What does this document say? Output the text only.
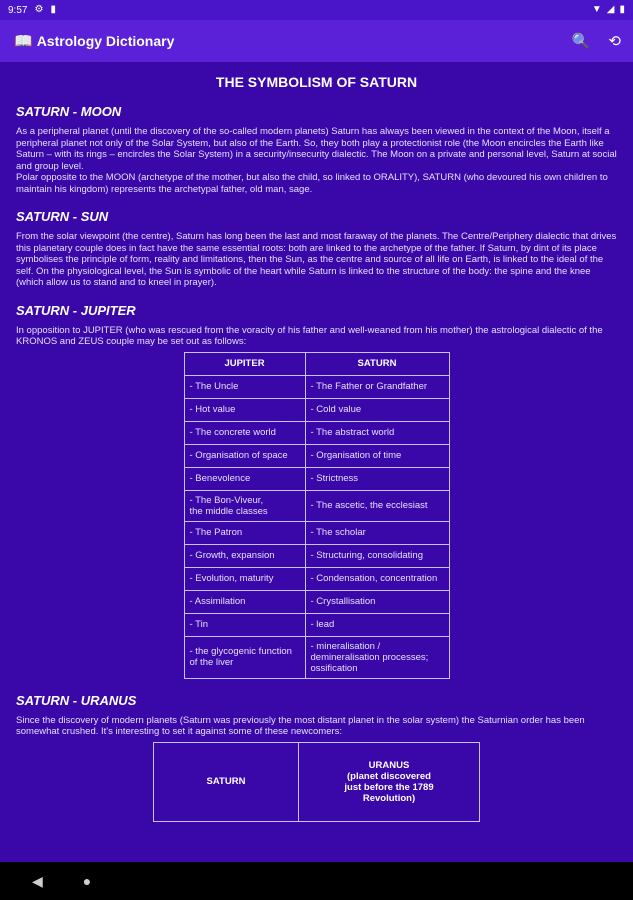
9:57 ⚙ ▮	▼ ◢ ▮
📖 Astrology Dictionary	🔍 ⟲
THE SYMBOLISM OF SATURN
SATURN - MOON

As a peripheral planet (until the discovery of the so-called modern planets) Saturn has always been viewed in the context of the Moon, itself a peripheral planet not only of the Solar System, but also of the Earth. So, they both play a protectionist role (the Moon encircles the Earth like Saturn – with its rings – encircles the Solar System) in a security/insecurity dialectic. The Moon on a private and personal level, Saturn at social and group level.

Polar opposite to the MOON (archetype of the mother, but also the child, so linked to ORALITY), SATURN (who devoured his own children to maintain his kingdom) represents the archetypal father, old man, sage.

SATURN - SUN

From the solar viewpoint (the centre), Saturn has long been the last and most faraway of the planets. The Centre/Periphery dialectic that drives this planetary couple does in fact have the same essential roots: both are linked to the archetype of the father. If Saturn, by dint of its place symbolises the principle of form, reality and limitations, then the Sun, as the centre and source of all life on Earth, is linked to the ideal of the self. On the physiological level, the Sun is symbolic of the heart while Saturn is linked to the structure of the body: the spine and the knee (which allow us to stand and to kneel in prayer).

SATURN - JUPITER

In opposition to JUPITER (who was rescued from the voracity of his father and well-weaned from his mother) the astrological dialectic of the KRONOS and ZEUS couple may be set out as follows:

JUPITER	SATURN
- The Uncle	- The Father or Grandfather
- Hot value	- Cold value
- The concrete world	- The abstract world
- Organisation of space	- Organisation of time
- Benevolence	- Strictness
- The Bon-Viveur,
the middle classes	- The ascetic, the ecclesiast
- The Patron	- The scholar
- Growth, expansion	- Structuring, consolidating
- Evolution, maturity	- Condensation, concentration
- Assimilation	- Crystallisation
- Tin	- lead
- the glycogenic function of the liver	- mineralisation / demineralisation processes; ossification
SATURN - URANUS

Since the discovery of modern planets (Saturn was previously the most distant planet in the solar system) the Saturnian order has been somewhat crushed. It's interesting to set it against some of these newcomers:

SATURN	URANUS
(planet discovered
just before the 1789
Revolution)
◀	●
